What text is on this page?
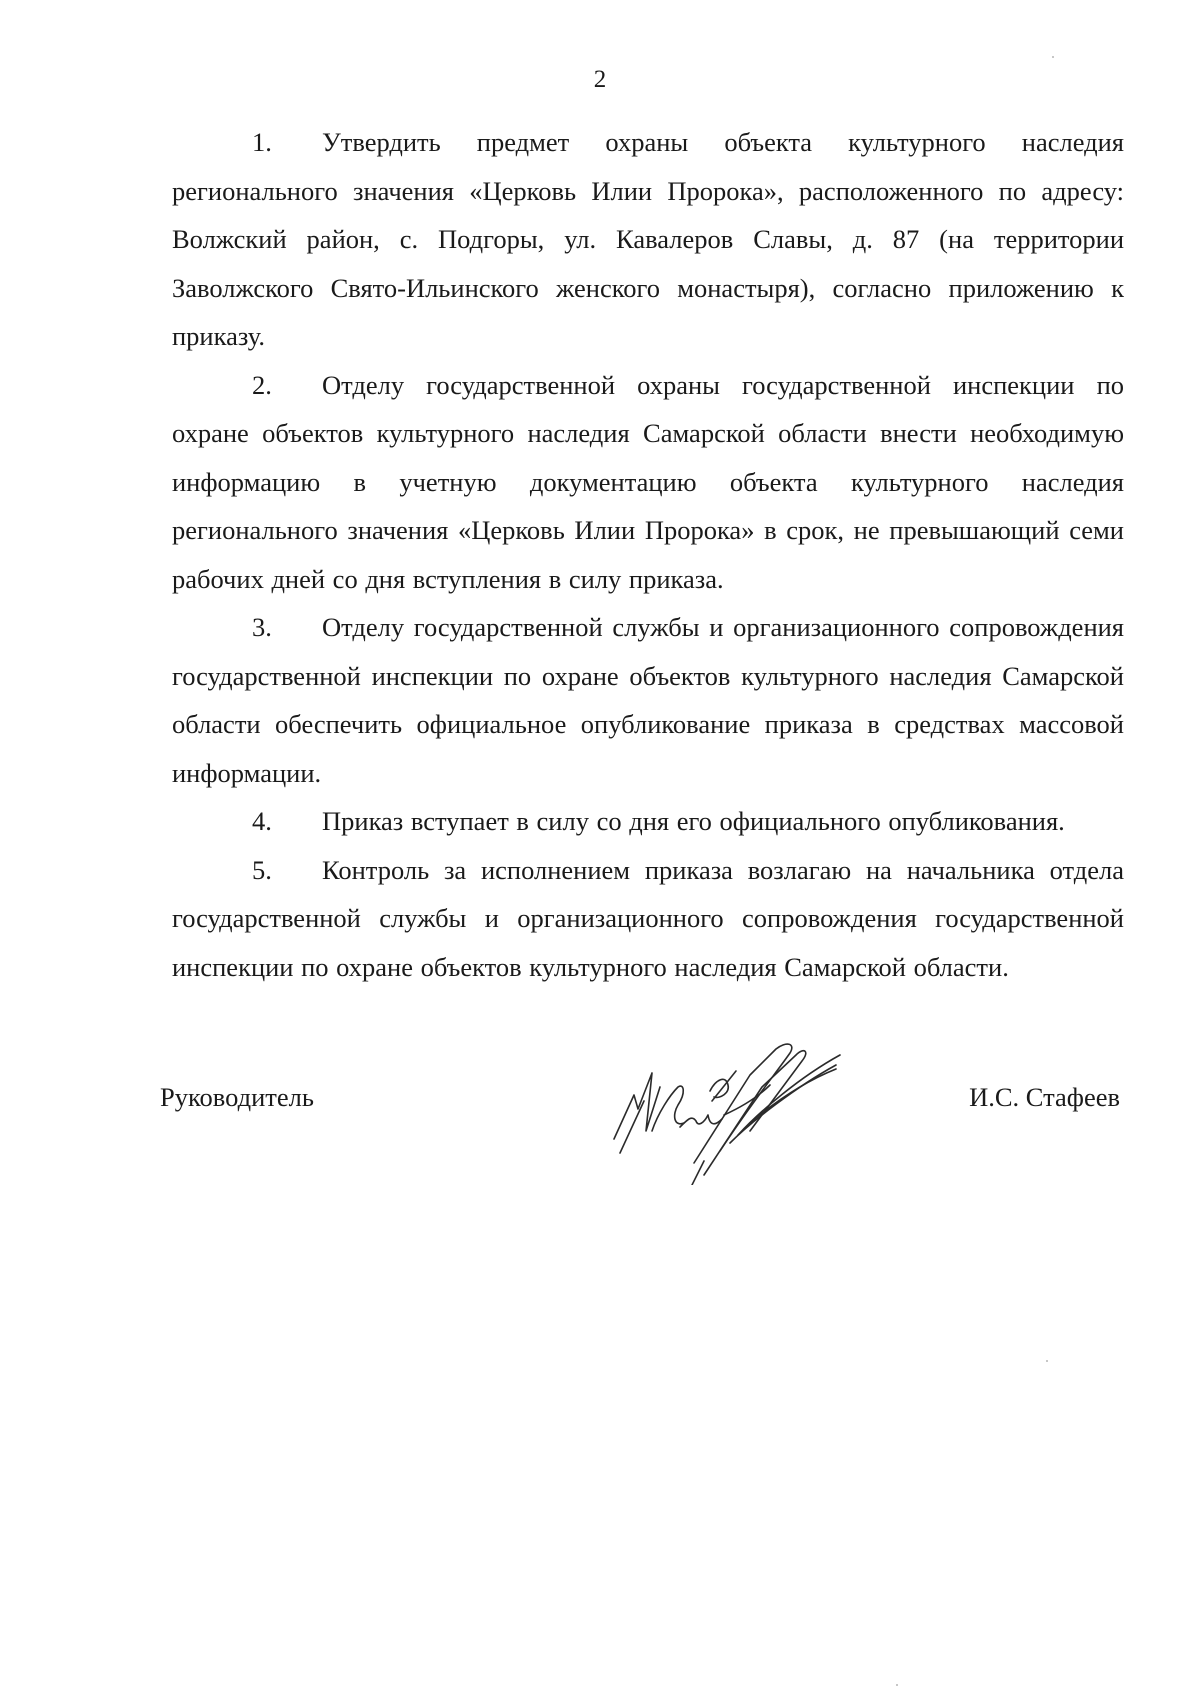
2

1. Утвердить предмет охраны объекта культурного наследия регионального значения «Церковь Илии Пророка», расположенного по адресу: Волжский район, с. Подгоры, ул. Кавалеров Славы, д. 87 (на территории Заволжского Свято-Ильинского женского монастыря), согласно приложению к приказу.

2. Отделу государственной охраны государственной инспекции по охране объектов культурного наследия Самарской области внести необходимую информацию в учетную документацию объекта культурного наследия регионального значения «Церковь Илии Пророка» в срок, не превышающий семи рабочих дней со дня вступления в силу приказа.

3. Отделу государственной службы и организационного сопровождения государственной инспекции по охране объектов культурного наследия Самарской области обеспечить официальное опубликование приказа в средствах массовой информации.

4. Приказ вступает в силу со дня его официального опубликования.

5. Контроль за исполнением приказа возлагаю на начальника отдела государственной службы и организационного сопровождения государственной инспекции по охране объектов культурного наследия Самарской области.

Руководитель	И.С. Стафеев
